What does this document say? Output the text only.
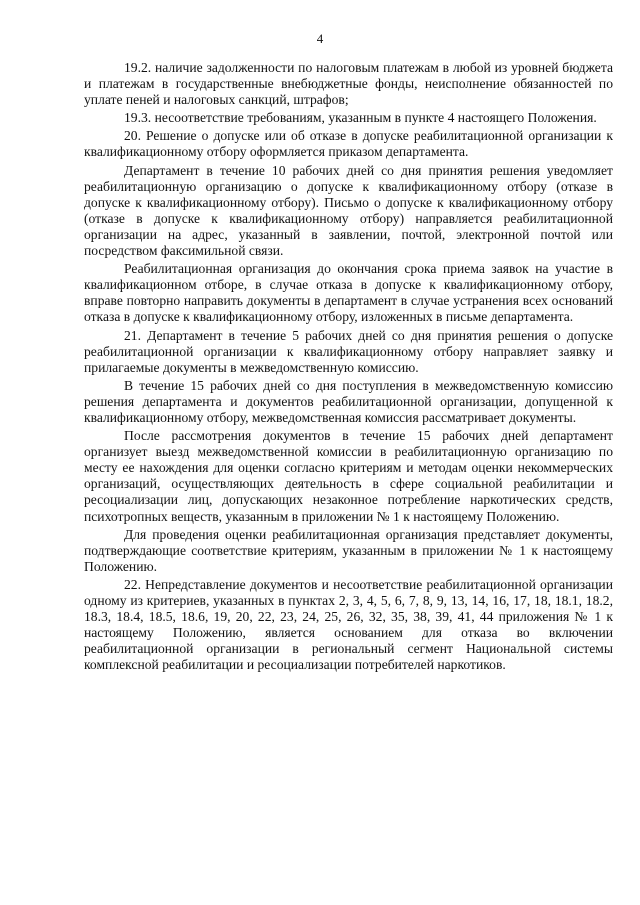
4

19.2. наличие задолженности по налоговым платежам в любой из уровней бюджета и платежам в государственные внебюджетные фонды, неисполнение обязанностей по уплате пеней и налоговых санкций, штрафов;

19.3. несоответствие требованиям, указанным в пункте 4 настоящего Положения.

20. Решение о допуске или об отказе в допуске реабилитационной организации к квалификационному отбору оформляется приказом департамента.

Департамент в течение 10 рабочих дней со дня принятия решения уведомляет реабилитационную организацию о допуске к квалификационному отбору (отказе в допуске к квалификационному отбору). Письмо о допуске к квалификационному отбору (отказе в допуске к квалификационному отбору) направляется реабилитационной организации на адрес, указанный в заявлении, почтой, электронной почтой или посредством факсимильной связи.

Реабилитационная организация до окончания срока приема заявок на участие в квалификационном отборе, в случае отказа в допуске к квалификационному отбору, вправе повторно направить документы в департамент в случае устранения всех оснований отказа в допуске к квалификационному отбору, изложенных в письме департамента.

21. Департамент в течение 5 рабочих дней со дня принятия решения о допуске реабилитационной организации к квалификационному отбору направляет заявку и прилагаемые документы в межведомственную комиссию.

В течение 15 рабочих дней со дня поступления в межведомственную комиссию решения департамента и документов реабилитационной организации, допущенной к квалификационному отбору, межведомственная комиссия рассматривает документы.

После рассмотрения документов в течение 15 рабочих дней департамент организует выезд межведомственной комиссии в реабилитационную организацию по месту ее нахождения для оценки согласно критериям и методам оценки некоммерческих организаций, осуществляющих деятельность в сфере социальной реабилитации и ресоциализации лиц, допускающих незаконное потребление наркотических средств, психотропных веществ, указанным в приложении № 1 к настоящему Положению.

Для проведения оценки реабилитационная организация представляет документы, подтверждающие соответствие критериям, указанным в приложении № 1 к настоящему Положению.

22. Непредставление документов и несоответствие реабилитационной организации одному из критериев, указанных в пунктах 2, 3, 4, 5, 6, 7, 8, 9, 13, 14, 16, 17, 18, 18.1, 18.2, 18.3, 18.4, 18.5, 18.6, 19, 20, 22, 23, 24, 25, 26, 32, 35, 38, 39, 41, 44 приложения № 1 к настоящему Положению, является основанием для отказа во включении реабилитационной организации в региональный сегмент Национальной системы комплексной реабилитации и ресоциализации потребителей наркотиков.
